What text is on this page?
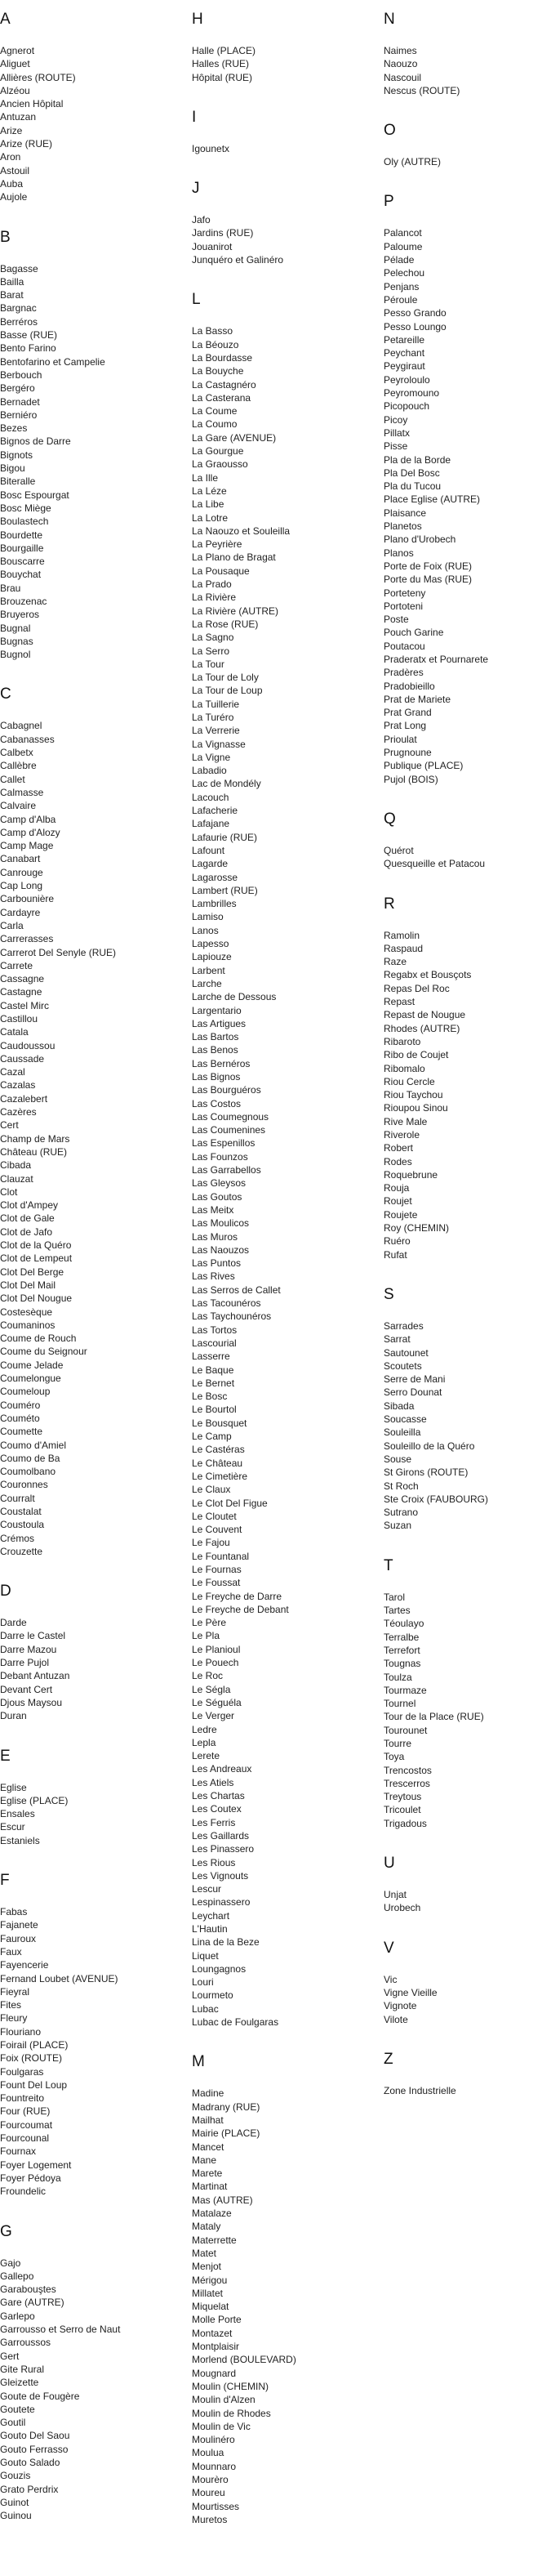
A
Agnerot
Aliguet
Allières (ROUTE)
Alzéou
Ancien Hôpital
Antuzan
Arize
Arize (RUE)
Aron
Astouil
Auba
Aujole
B
Bagasse
Bailla
Barat
Bargnac
Berréros
Basse (RUE)
Bento Farino
Bentofarino et Campelie
Berbouch
Bergéro
Bernadet
Berniéro
Bezes
Bignos de Darre
Bignots
Bigou
Biteralle
Bosc Espourgat
Bosc Miège
Boulastech
Bourdette
Bourgaille
Bouscarre
Bouychat
Brau
Brouzenac
Bruyeros
Bugnal
Bugnas
Bugnol
C
Cabagnel
Cabanasses
Calbetx
Callèbre
Callet
Calmasse
Calvaire
Camp d'Alba
Camp d'Alozy
Camp Mage
Canabart
Canrouge
Cap Long
Carbounière
Cardayre
Carla
Carrerasses
Carrerot Del Senyle (RUE)
Carrete
Cassagne
Castagne
Castel Mirc
Castillou
Catala
Caudoussou
Caussade
Cazal
Cazalas
Cazalebert
Cazères
Cert
Champ de Mars
Château (RUE)
Cibada
Clauzat
Clot
Clot d'Ampey
Clot de Gale
Clot de Jafo
Clot de la Quéro
Clot de Lempeut
Clot Del Berge
Clot Del Mail
Clot Del Nougue
Costesèque
Coumaninos
Coume de Rouch
Coume du Seignour
Coume Jelade
Coumelongue
Coumeloup
Couméro
Couméto
Coumette
Coumo d'Amiel
Coumo de Ba
Coumolbano
Couronnes
Courralt
Coustalat
Coustoula
Crémos
Crouzette
D
Darde
Darre le Castel
Darre Mazou
Darre Pujol
Debant Antuzan
Devant Cert
Djous Maysou
Duran
E
Eglise
Eglise (PLACE)
Ensales
Escur
Estaniels
F
Fabas
Fajanete
Fauroux
Faux
Fayencerie
Fernand Loubet (AVENUE)
Fieyral
Fites
Fleury
Flouriano
Foirail (PLACE)
Foix (ROUTE)
Foulgaras
Fount Del Loup
Fountreito
Four (RUE)
Fourcoumat
Fourcounal
Fournax
Foyer Logement
Foyer Pédoya
Froundelic
G
Gajo
Gallepo
Garabouştes
Gare (AUTRE)
Garlepo
Garrousso et Serro de Naut
Garroussos
Gert
Gite Rural
Gleizette
Goute de Fougère
Goutete
Goutil
Gouto Del Saou
Gouto Ferrasso
Gouto Salado
Gouzis
Grato Perdrix
Guinot
Guinou
H
Halle (PLACE)
Halles (RUE)
Hôpital (RUE)
I
Igounetx
J
Jafo
Jardins (RUE)
Jouanirot
Junquéro et Galinéro
L
La Basso
La Béouzo
La Bourdasse
La Bouyche
La Castagnéro
La Casterana
La Coume
La Coumo
La Gare (AVENUE)
La Gourgue
La Graousso
La Ille
La Léze
La Libe
La Lotre
La Naouzo et Souleilla
La Peyrière
La Plano de Bragat
La Pousaque
La Prado
La Rivière
La Rivière (AUTRE)
La Rose (RUE)
La Sagno
La Serro
La Tour
La Tour de Loly
La Tour de Loup
La Tuillerie
La Turéro
La Verrerie
La Vignasse
La Vigne
Labadio
Lac de Mondély
Lacouch
Lafacherie
Lafajane
Lafaurie (RUE)
Lafount
Lagarde
Lagarosse
Lambert (RUE)
Lambrilles
Lamiso
Lanos
Lapesso
Lapiouze
Larbent
Larche
Larche de Dessous
Largentario
Las Artigues
Las Bartos
Las Benos
Las Bernéros
Las Bignos
Las Bourguéros
Las Costos
Las Coumegnous
Las Coumenines
Las Espenillos
Las Founzos
Las Garrabellos
Las Gleysos
Las Goutos
Las Meitx
Las Moulicos
Las Muros
Las Naouzos
Las Puntos
Las Rives
Las Serros de Callet
Las Tacounéros
Las Taychounéros
Las Tortos
Lascourial
Lasserre
Le Baque
Le Bernet
Le Bosc
Le Bourtol
Le Bousquet
Le Camp
Le Castéras
Le Château
Le Cimetière
Le Claux
Le Clot Del Figue
Le Cloutet
Le Couvent
Le Fajou
Le Fountanal
Le Fournas
Le Foussat
Le Freyche de Darre
Le Freyche de Debant
Le Père
Le Pla
Le Planioul
Le Pouech
Le Roc
Le Ségla
Le Séguéla
Le Verger
Ledre
Lepla
Lerete
Les Andreaux
Les Atiels
Les Chartas
Les Coutex
Les Ferris
Les Gaillards
Les Pinassero
Les Rious
Les Vignouts
Lescur
Lespinassero
Leychart
L'Hautin
Lina de la Beze
Liquet
Loungagnos
Louri
Lourmeto
Lubac
Lubac de Foulgaras
M
Madine
Madrany (RUE)
Mailhat
Mairie (PLACE)
Mancet
Mane
Marete
Martinat
Mas (AUTRE)
Matalaze
Mataly
Materrette
Matet
Menjot
Mérigou
Millatet
Miquelat
Molle Porte
Montazet
Montplaisir
Morlend (BOULEVARD)
Mougnard
Moulin (CHEMIN)
Moulin d'Alzen
Moulin de Rhodes
Moulin de Vic
Moulinéro
Moulua
Mounnaro
Mourèro
Moureu
Mourtisses
Muretos
N
Naimes
Naouzo
Nascouil
Nescus (ROUTE)
O
Oly (AUTRE)
P
Palancot
Paloume
Pélade
Pelechou
Penjans
Péroule
Pesso Grando
Pesso Loungo
Petareille
Peychant
Peygiraut
Peyroloulo
Peyromouno
Picopouch
Picoy
Pillatx
Pisse
Pla de la Borde
Pla Del Bosc
Pla du Tucou
Place Eglise (AUTRE)
Plaisance
Planetos
Plano d'Urobech
Planos
Porte de Foix (RUE)
Porte du Mas (RUE)
Porteteny
Portoteni
Poste
Pouch Garine
Poutacou
Praderatx et Pournarete
Pradères
Pradobieillo
Prat de Mariete
Prat Grand
Prat Long
Prioulat
Prugnoune
Publique (PLACE)
Pujol (BOIS)
Q
Quérot
Quesqueille et Patacou
R
Ramolin
Raspaud
Raze
Regabx et Bousçots
Repas Del Roc
Repast
Repast de Nougue
Rhodes (AUTRE)
Ribaroto
Ribo de Coujet
Ribomalo
Riou Cercle
Riou Taychou
Rioupou Sinou
Rive Male
Riverole
Robert
Rodes
Roquebrune
Rouja
Roujet
Roujete
Roy (CHEMIN)
Ruéro
Rufat
S
Sarrades
Sarrat
Sautounet
Scoutets
Serre de Mani
Serro Dounat
Sibada
Soucasse
Souleilla
Souleillo de la Quéro
Souse
St Girons (ROUTE)
St Roch
Ste Croix (FAUBOURG)
Sutrano
Suzan
T
Tarol
Tartes
Téoulayo
Terralbe
Terrefort
Tougnas
Toulza
Tourmaze
Tournel
Tour de la Place (RUE)
Tourounet
Tourre
Toya
Trencostos
Trescerros
Treytous
Tricoulet
Trigadous
U
Unjat
Urobech
V
Vic
Vigne Vieille
Vignote
Vilote
Z
Zone Industrielle
